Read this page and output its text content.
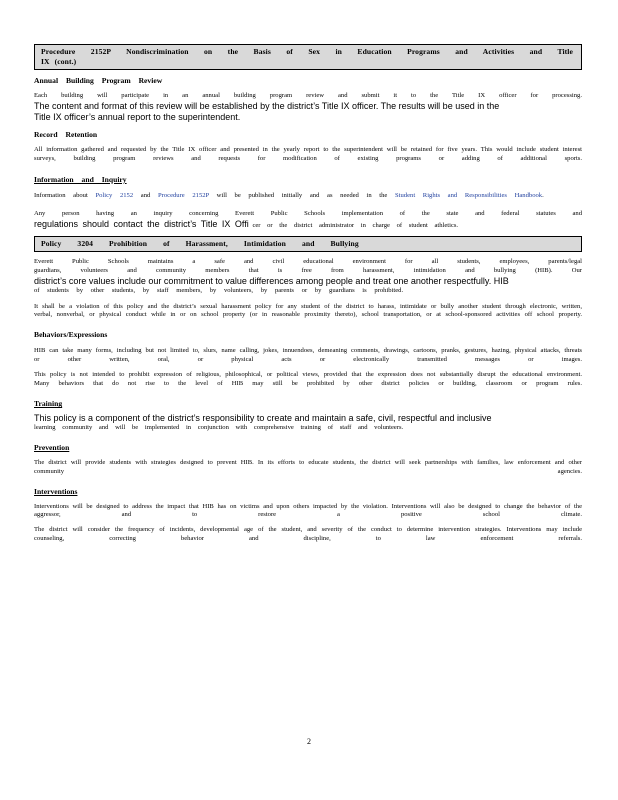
Procedure 2152P Nondiscrimination on the Basis of Sex in Education Programs and Activities and Title
IX (cont.)

Annual Building Program Review

Each building will participate in an annual building program review and submit it to the Title IX officer for processing.

The content and format of this review will be established by the district’s Title IX officer. The results will be used in the

Title IX officer’s annual report to the superintendent.

Record Retention

All information gathered and requested by the Title IX officer and presented in the yearly report to the superintendent will be retained for five years. This would include student interest surveys, building program reviews and requests for modification of existing programs or adding of additional sports.

Information and Inquiry

Information about Policy 2152 and Procedure 2152P will be published initially and as needed in the Student Rights and Responsibilities Handbook.

Any person having an inquiry concerning Everett Public Schools implementation of the state and federal statutes and

regulations should contact the district’s Title IX Offi cer or the district administrator in charge of student athletics.

Policy 3204 Prohibition of Harassment, Intimidation and Bullying

Everett Public Schools maintains a safe and civil educational environment for all students, employees, parents/legal

guardians, volunteers and community members that is free from harassment, intimidation and bullying (HIB). Our

district’s core values include our commitment to value differences among people and treat one another respectfully. HIB

of students by other students, by staff members, by volunteers, by parents or by guardians is prohibited.

It shall be a violation of this policy and the district’s sexual harassment policy for any student of the district to harass, intimidate or bully another student through electronic, written, verbal, nonverbal, or physical conduct while in or on school property (or in reasonable proximity thereto), school transportation, or at school-sponsored activities off school property.

Behaviors/Expressions

HIB can take many forms, including but not limited to, slurs, name calling, jokes, innuendoes, demeaning comments, drawings, cartoons, pranks, gestures, hazing, physical attacks, threats or other written, oral, or physical acts or electronically transmitted messages or images.

This policy is not intended to prohibit expression of religious, philosophical, or political views, provided that the expression does not substantially disrupt the educational environment. Many behaviors that do not rise to the level of HIB may still be prohibited by other district policies or building, classroom or program rules.

Training

This policy is a component of the district’s responsibility to create and maintain a safe, civil, respectful and inclusive

learning community and will be implemented in conjunction with comprehensive training of staff and volunteers.

Prevention

The district will provide students with strategies designed to prevent HIB. In its efforts to educate students, the district will seek partnerships with families, law enforcement and other community agencies.

Interventions

Interventions will be designed to address the impact that HIB has on victims and upon others impacted by the violation. Interventions will also be designed to change the behavior of the aggressor, and to restore a positive school climate.

The district will consider the frequency of incidents, developmental age of the student, and severity of the conduct to determine intervention strategies. Interventions may include counseling, correcting behavior and discipline, to law enforcement referrals.

2
